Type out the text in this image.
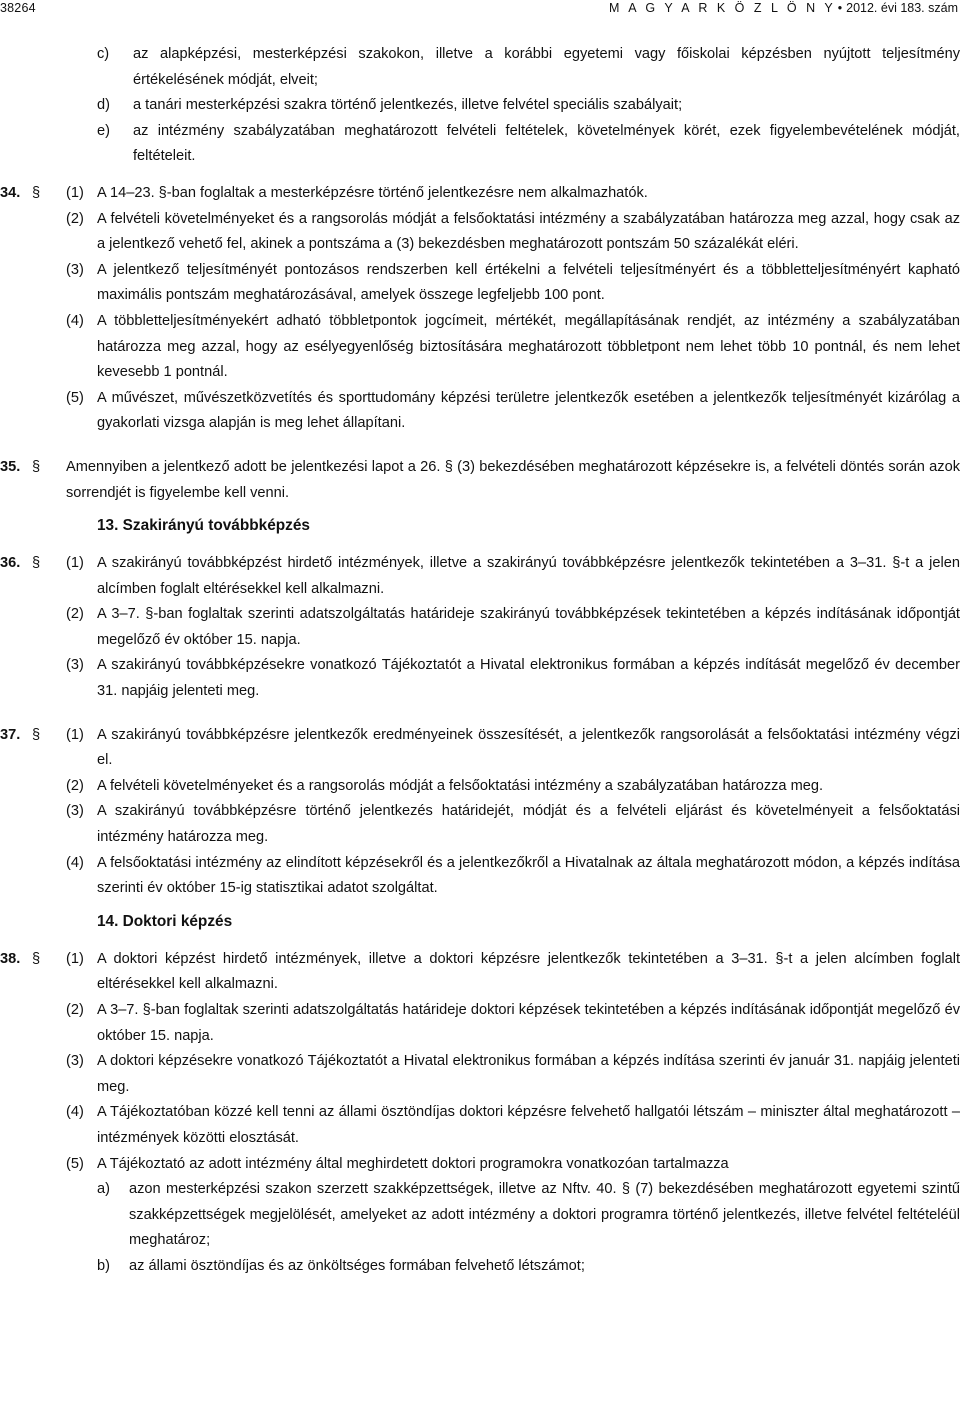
38264	M A G Y A R K Ö Z L Ö N Y • 2012. évi 183. szám
c)	az alapképzési, mesterképzési szakokon, illetve a korábbi egyetemi vagy főiskolai képzésben nyújtott teljesítmény értékelésének módját, elveit;
d)	a tanári mesterképzési szakra történő jelentkezés, illetve felvétel speciális szabályait;
e)	az intézmény szabályzatában meghatározott felvételi feltételek, követelmények körét, ezek figyelembevételének módját, feltételeit.
34. §	(1) A 14–23. §-ban foglaltak a mesterképzésre történő jelentkezésre nem alkalmazhatók.
(2) A felvételi követelményeket és a rangsorolás módját a felsőoktatási intézmény a szabályzatában határozza meg azzal, hogy csak az a jelentkező vehető fel, akinek a pontszáma a (3) bekezdésben meghatározott pontszám 50 százalékát eléri.
(3) A jelentkező teljesítményét pontozásos rendszerben kell értékelni a felvételi teljesítményért és a többletteljesítményért kapható maximális pontszám meghatározásával, amelyek összege legfeljebb 100 pont.
(4) A többletteljesítményekért adható többletpontok jogcímeit, mértékét, megállapításának rendjét, az intézmény a szabályzatában határozza meg azzal, hogy az esélyegyenlőség biztosítására meghatározott többletpont nem lehet több 10 pontnál, és nem lehet kevesebb 1 pontnál.
(5) A művészet, művészetközvetítés és sporttudomány képzési területre jelentkezők esetében a jelentkezők teljesítményét kizárólag a gyakorlati vizsga alapján is meg lehet állapítani.
35. §	Amennyiben a jelentkező adott be jelentkezési lapot a 26. § (3) bekezdésében meghatározott képzésekre is, a felvételi döntés során azok sorrendjét is figyelembe kell venni.
13. Szakirányú továbbképzés
36. §	(1) A szakirányú továbbképzést hirdető intézmények, illetve a szakirányú továbbképzésre jelentkezők tekintetében a 3–31. §-t a jelen alcímben foglalt eltérésekkel kell alkalmazni.
(2) A 3–7. §-ban foglaltak szerinti adatszolgáltatás határideje szakirányú továbbképzések tekintetében a képzés indításának időpontját megelőző év október 15. napja.
(3) A szakirányú továbbképzésekre vonatkozó Tájékoztatót a Hivatal elektronikus formában a képzés indítását megelőző év december 31. napjáig jelenteti meg.
37. §	(1) A szakirányú továbbképzésre jelentkezők eredményeinek összesítését, a jelentkezők rangsorolását a felsőoktatási intézmény végzi el.
(2) A felvételi követelményeket és a rangsorolás módját a felsőoktatási intézmény a szabályzatában határozza meg.
(3) A szakirányú továbbképzésre történő jelentkezés határidejét, módját és a felvételi eljárást és követelményeit a felsőoktatási intézmény határozza meg.
(4) A felsőoktatási intézmény az elindított képzésekről és a jelentkezőkről a Hivatalnak az általa meghatározott módon, a képzés indítása szerinti év október 15-ig statisztikai adatot szolgáltat.
14. Doktori képzés
38. §	(1) A doktori képzést hirdető intézmények, illetve a doktori képzésre jelentkezők tekintetében a 3–31. §-t a jelen alcímben foglalt eltérésekkel kell alkalmazni.
(2) A 3–7. §-ban foglaltak szerinti adatszolgáltatás határideje doktori képzések tekintetében a képzés indításának időpontját megelőző év október 15. napja.
(3) A doktori képzésekre vonatkozó Tájékoztatót a Hivatal elektronikus formában a képzés indítása szerinti év január 31. napjáig jelenteti meg.
(4) A Tájékoztatóban közzé kell tenni az állami ösztöndíjas doktori képzésre felvehető hallgatói létszám – miniszter által meghatározott – intézmények közötti elosztását.
(5) A Tájékoztató az adott intézmény által meghirdetett doktori programokra vonatkozóan tartalmazza
a)	azon mesterképzési szakon szerzett szakképzettségek, illetve az Nftv. 40. § (7) bekezdésében meghatározott egyetemi szintű szakképzettségek megjelölését, amelyeket az adott intézmény a doktori programra történő jelentkezés, illetve felvétel feltételéül meghatároz;
b)	az állami ösztöndíjas és az önköltséges formában felvehető létszámot;
